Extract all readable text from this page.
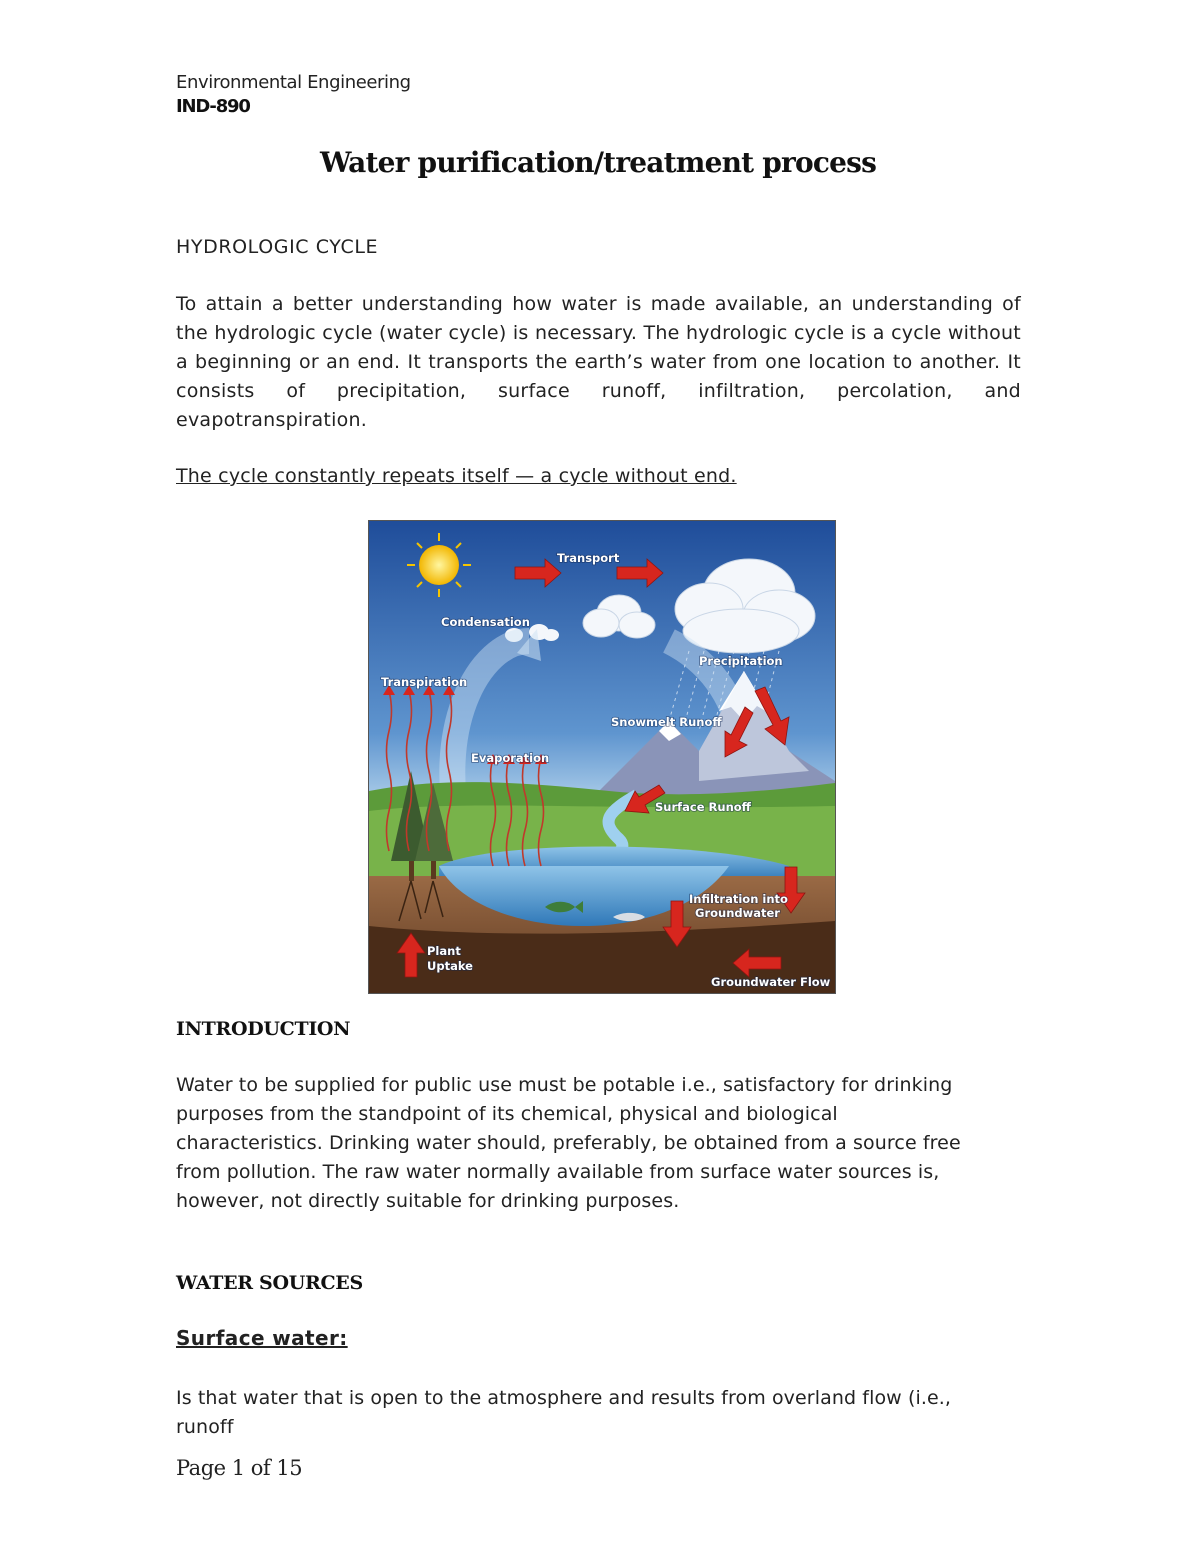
Environmental Engineering
IND-890
Water purification/treatment process
HYDROLOGIC CYCLE

To attain a better understanding how water is made available, an understanding of the hydrologic cycle (water cycle) is necessary. The hydrologic cycle is a cycle without a beginning or an end. It transports the earth’s water from one location to another. It consists of precipitation, surface runoff, infiltration, percolation, and evapotranspiration.

The cycle constantly repeats itself — a cycle without end.
Transport
Condensation
Precipitation
Transpiration
Snowmelt Runoff
Evaporation
Surface Runoff
Infiltration into
Groundwater
Plant
Uptake
Groundwater Flow
INTRODUCTION

Water to be supplied for public use must be potable i.e., satisfactory for drinking purposes from the standpoint of its chemical, physical and biological characteristics. Drinking water should, preferably, be obtained from a source free from pollution. The raw water normally available from surface water sources is, however, not directly suitable for drinking purposes.

WATER SOURCES
Surface water:

Is that water that is open to the atmosphere and results from overland flow (i.e., runoff

Page 1 of 15
